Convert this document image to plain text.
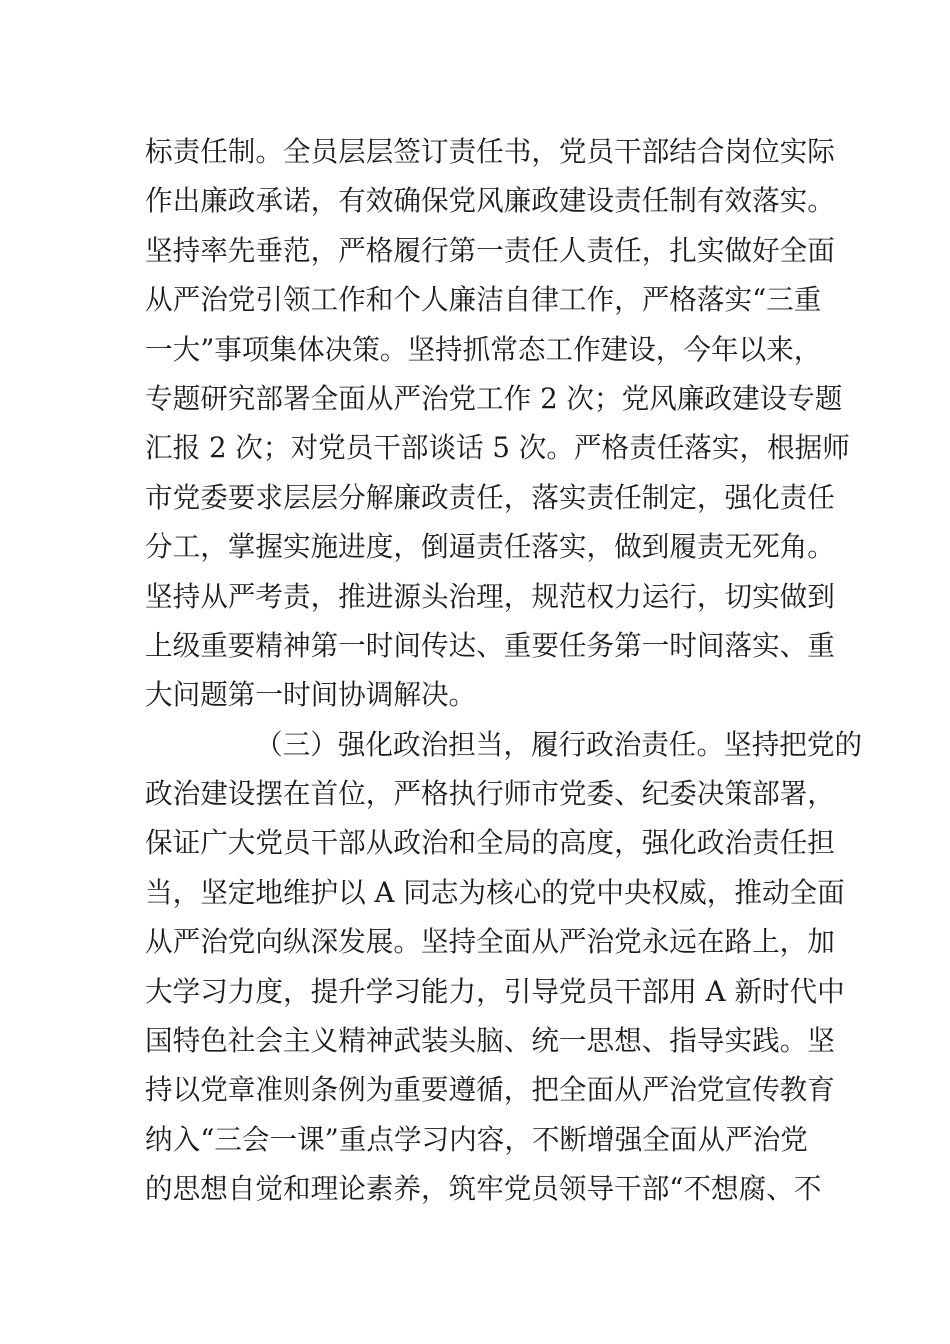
标责任制。全员层层签订责任书，党员干部结合岗位实际
作出廉政承诺，有效确保党风廉政建设责任制有效落实。
坚持率先垂范，严格履行第一责任人责任，扎实做好全面
从严治党引领工作和个人廉洁自律工作，严格落实“三重
一大”事项集体决策。坚持抓常态工作建设，今年以来，
专题研究部署全面从严治党工作 2 次；党风廉政建设专题
汇报 2 次；对党员干部谈话 5 次。严格责任落实，根据师
市党委要求层层分解廉政责任，落实责任制定，强化责任
分工，掌握实施进度，倒逼责任落实，做到履责无死角。
坚持从严考责，推进源头治理，规范权力运行，切实做到
上级重要精神第一时间传达、重要任务第一时间落实、重
大问题第一时间协调解决。
（三）强化政治担当，履行政治责任。坚持把党的
政治建设摆在首位，严格执行师市党委、纪委决策部署，
保证广大党员干部从政治和全局的高度，强化政治责任担
当，坚定地维护以 A 同志为核心的党中央权威，推动全面
从严治党向纵深发展。坚持全面从严治党永远在路上，加
大学习力度，提升学习能力，引导党员干部用 A 新时代中
国特色社会主义精神武装头脑、统一思想、指导实践。坚
持以党章准则条例为重要遵循，把全面从严治党宣传教育
纳入“三会一课”重点学习内容，不断增强全面从严治党
的思想自觉和理论素养，筑牢党员领导干部“不想腐、不
